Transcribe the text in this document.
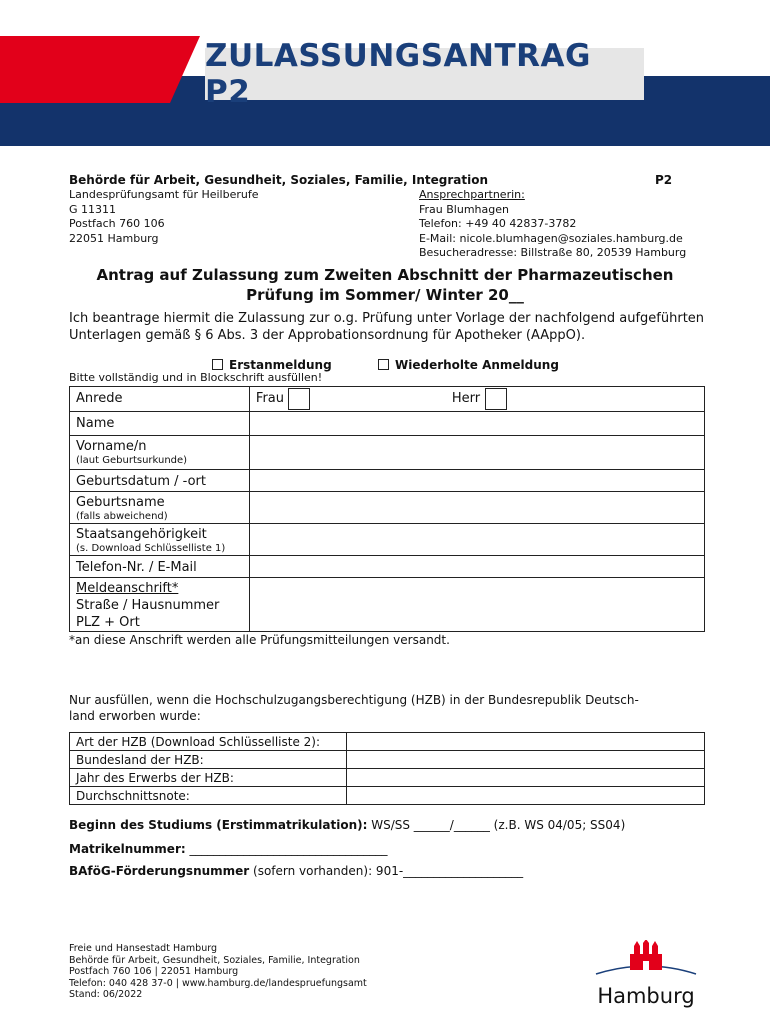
ZULASSUNGSANTRAG P2
Behörde für Arbeit, Gesundheit, Soziales, Familie, Integration	P2
Landesprüfungsamt für Heilberufe
G 11311
Postfach 760 106
22051 Hamburg
Ansprechpartnerin:
Frau Blumhagen
Telefon: +49 40 42837-3782
E-Mail: nicole.blumhagen@soziales.hamburg.de
Besucheradresse: Billstraße 80, 20539 Hamburg
Antrag auf Zulassung zum Zweiten Abschnitt der Pharmazeutischen
Prüfung im Sommer/ Winter 20__
Ich beantrage hiermit die Zulassung zur o.g. Prüfung unter Vorlage der nachfolgend aufgeführten
Unterlagen gemäß § 6 Abs. 3 der Approbationsordnung für Apotheker (AAppO).
Erstanmeldung	Wiederholte Anmeldung
Bitte vollständig und in Blockschrift ausfüllen!
Anrede	Frau Herr

Name	

Vorname/n
(laut Geburtsurkunde)	

Geburtsdatum / -ort	

Geburtsname
(falls abweichend)	

Staatsangehörigkeit
(s. Download Schlüsselliste 1)	

Telefon-Nr. / E-Mail	

Meldeanschrift*
Straße / Hausnummer
PLZ + Ort	

*an diese Anschrift werden alle Prüfungsmitteilungen versandt.
Nur ausfüllen, wenn die Hochschulzugangsberechtigung (HZB) in der Bundesrepublik Deutsch-
land erworben wurde:
Art der HZB (Download Schlüsselliste 2):	
Bundesland der HZB:	
Jahr des Erwerbs der HZB:	
Durchschnittsnote:	
Beginn des Studiums (Erstimmatrikulation): WS/SS ______/______ (z.B. WS 04/05; SS04)
Matrikelnummer: _________________________________
BAföG-Förderungsnummer (sofern vorhanden): 901-____________________
Freie und Hansestadt Hamburg
Behörde für Arbeit, Gesundheit, Soziales, Familie, Integration
Postfach 760 106 | 22051 Hamburg
Telefon: 040 428 37-0 | www.hamburg.de/landespruefungsamt
Stand: 06/2022	Hamburg
